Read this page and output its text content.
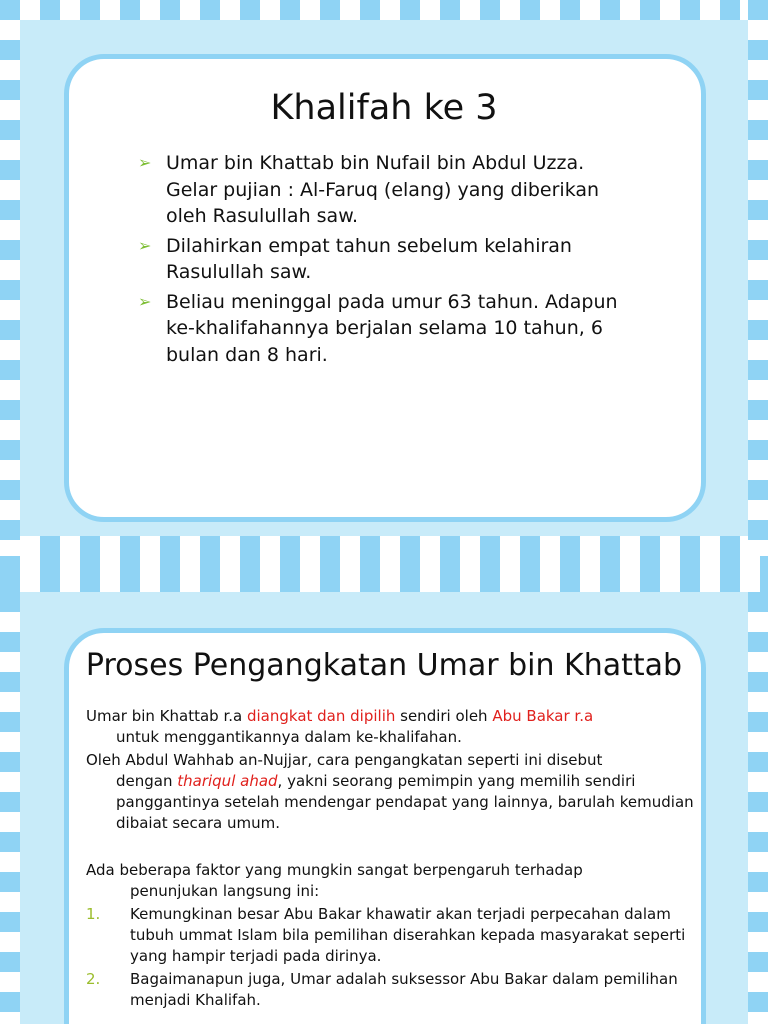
Khalifah ke 3
➢ Umar bin Khattab bin Nufail bin Abdul Uzza. Gelar pujian : Al-Faruq (elang) yang diberikan oleh Rasulullah saw.
➢ Dilahirkan empat tahun sebelum kelahiran Rasulullah saw.
➢ Beliau meninggal pada umur 63 tahun. Adapun ke-khalifahannya berjalan selama 10 tahun, 6 bulan dan 8 hari.
Proses Pengangkatan Umar bin Khattab

Umar bin Khattab r.a diangkat dan dipilih sendiri oleh Abu Bakar r.a
untuk menggantikannya dalam ke-khalifahan.

Oleh Abdul Wahhab an-Nujjar, cara pengangkatan seperti ini disebut
dengan thariqul ahad, yakni seorang pemimpin yang memilih sendiri panggantinya setelah mendengar pendapat yang lainnya, barulah kemudian dibaiat secara umum.

Ada beberapa faktor yang mungkin sangat berpengaruh terhadap
penunjukan langsung ini:

1. Kemungkinan besar Abu Bakar khawatir akan terjadi perpecahan dalam tubuh ummat Islam bila pemilihan diserahkan kepada masyarakat seperti yang hampir terjadi pada dirinya.
2. Bagaimanapun juga, Umar adalah suksessor Abu Bakar dalam pemilihan menjadi Khalifah.
